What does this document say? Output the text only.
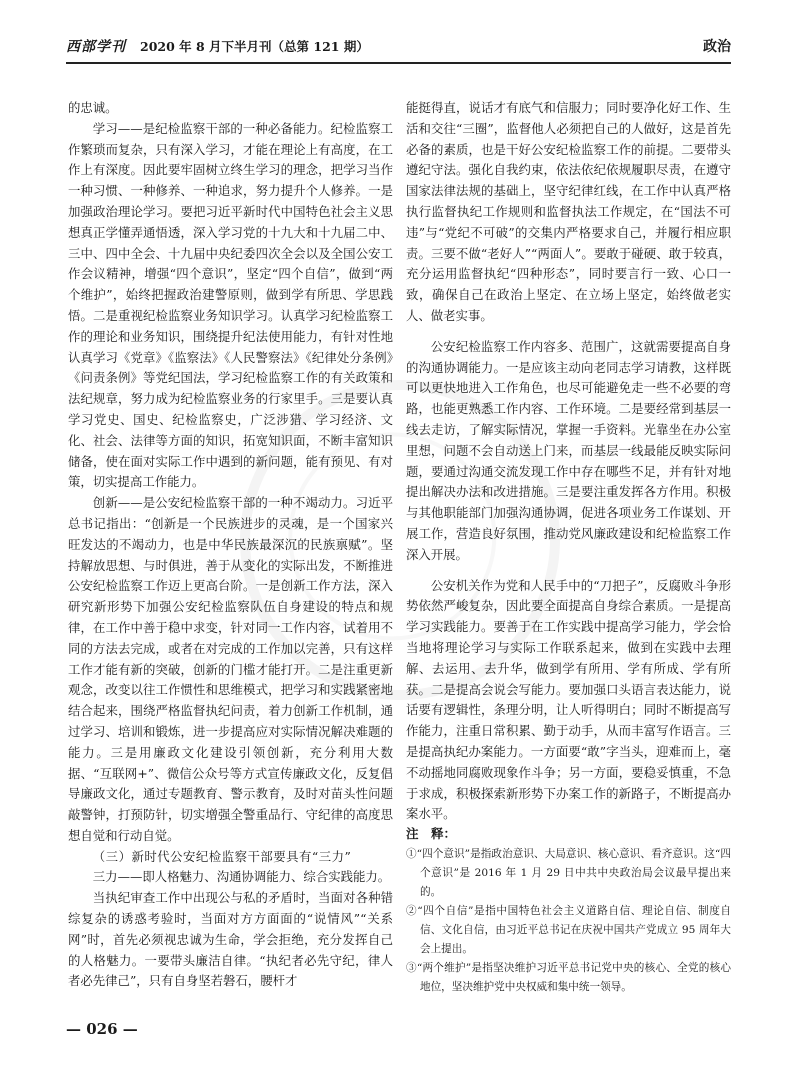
西部学刊 2020 年 8 月下半月刊（总第 121 期）	政治

的忠诚。

学习——是纪检监察干部的一种必备能力。纪检监察工作繁琐而复杂，只有深入学习，才能在理论上有高度，在工作上有深度。因此要牢固树立终生学习的理念，把学习当作一种习惯、一种修养、一种追求，努力提升个人修养。一是加强政治理论学习。要把习近平新时代中国特色社会主义思想真正学懂弄通悟透，深入学习党的十九大和十九届二中、三中、四中全会、十九届中央纪委四次全会以及全国公安工作会议精神，增强“四个意识”，坚定“四个自信”，做到“两个维护”，始终把握政治建警原则，做到学有所思、学思践悟。二是重视纪检监察业务知识学习。认真学习纪检监察工作的理论和业务知识，围绕提升纪法使用能力，有针对性地认真学习《党章》《监察法》《人民警察法》《纪律处分条例》《问责条例》等党纪国法，学习纪检监察工作的有关政策和法纪规章，努力成为纪检监察业务的行家里手。三是要认真学习党史、国史、纪检监察史，广泛涉猎、学习经济、文化、社会、法律等方面的知识，拓宽知识面，不断丰富知识储备，使在面对实际工作中遇到的新问题，能有预见、有对策，切实提高工作能力。

创新——是公安纪检监察干部的一种不竭动力。习近平总书记指出：“创新是一个民族进步的灵魂，是一个国家兴旺发达的不竭动力，也是中华民族最深沉的民族禀赋”。坚持解放思想、与时俱进，善于从变化的实际出发，不断推进公安纪检监察工作迈上更高台阶。一是创新工作方法，深入研究新形势下加强公安纪检监察队伍自身建设的特点和规律，在工作中善于稳中求变，针对同一工作内容，试着用不同的方法去完成，或者在对完成的工作加以完善，只有这样工作才能有新的突破，创新的门槛才能打开。二是注重更新观念，改变以往工作惯性和思维模式，把学习和实践紧密地结合起来，围绕严格监督执纪问责，着力创新工作机制，通过学习、培训和锻炼，进一步提高应对实际情况解决难题的能力。三是用廉政文化建设引领创新，充分利用大数据、“互联网+”、微信公众号等方式宣传廉政文化，反复倡导廉政文化，通过专题教育、警示教育，及时对苗头性问题敲警钟，打预防针，切实增强全警重品行、守纪律的高度思想自觉和行动自觉。

（三）新时代公安纪检监察干部要具有“三力”

三力——即人格魅力、沟通协调能力、综合实践能力。

当执纪审查工作中出现公与私的矛盾时，当面对各种错综复杂的诱惑考验时，当面对方方面面的“说情风”“关系网”时，首先必须视忠诚为生命，学会拒绝，充分发挥自己的人格魅力。一要带头廉洁自律。“执纪者必先守纪，律人者必先律己”，只有自身坚若磐石，腰杆才

能挺得直，说话才有底气和信服力；同时要净化好工作、生活和交往“三圈”，监督他人必须把自己的人做好，这是首先必备的素质，也是干好公安纪检监察工作的前提。二要带头遵纪守法。强化自我约束，依法依纪依规履职尽责，在遵守国家法律法规的基础上，坚守纪律红线，在工作中认真严格执行监督执纪工作规则和监督执法工作规定，在“国法不可违”与“党纪不可破”的交集内严格要求自己，并履行相应职责。三要不做“老好人”“两面人”。要敢于碰硬、敢于较真，充分运用监督执纪“四种形态”，同时要言行一致、心口一致，确保自己在政治上坚定、在立场上坚定，始终做老实人、做老实事。

公安纪检监察工作内容多、范围广，这就需要提高自身的沟通协调能力。一是应该主动向老同志学习请教，这样既可以更快地进入工作角色，也尽可能避免走一些不必要的弯路，也能更熟悉工作内容、工作环境。二是要经常到基层一线去走访，了解实际情况，掌握一手资料。光靠坐在办公室里想，问题不会自动送上门来，而基层一线最能反映实际问题，要通过沟通交流发现工作中存在哪些不足，并有针对地提出解决办法和改进措施。三是要注重发挥各方作用。积极与其他职能部门加强沟通协调，促进各项业务工作谋划、开展工作，营造良好氛围，推动党风廉政建设和纪检监察工作深入开展。

公安机关作为党和人民手中的“刀把子”，反腐败斗争形势依然严峻复杂，因此要全面提高自身综合素质。一是提高学习实践能力。要善于在工作实践中提高学习能力，学会恰当地将理论学习与实际工作联系起来，做到在实践中去理解、去运用、去升华，做到学有所用、学有所成、学有所获。二是提高会说会写能力。要加强口头语言表达能力，说话要有逻辑性，条理分明，让人听得明白；同时不断提高写作能力，注重日常积累、勤于动手，从而丰富写作语言。三是提高执纪办案能力。一方面要“敢”字当头，迎难而上，毫不动摇地同腐败现象作斗争；另一方面，要稳妥慎重，不急于求成，积极探索新形势下办案工作的新路子，不断提高办案水平。

注　释：
①“四个意识”是指政治意识、大局意识、核心意识、看齐意识。这“四个意识”是 2016 年 1 月 29 日中共中央政治局会议最早提出来的。
②“四个自信”是指中国特色社会主义道路自信、理论自信、制度自信、文化自信，由习近平总书记在庆祝中国共产党成立 95 周年大会上提出。
③“两个维护”是指坚决维护习近平总书记党中央的核心、全党的核心地位，坚决维护党中央权威和集中统一领导。
— 026 —
